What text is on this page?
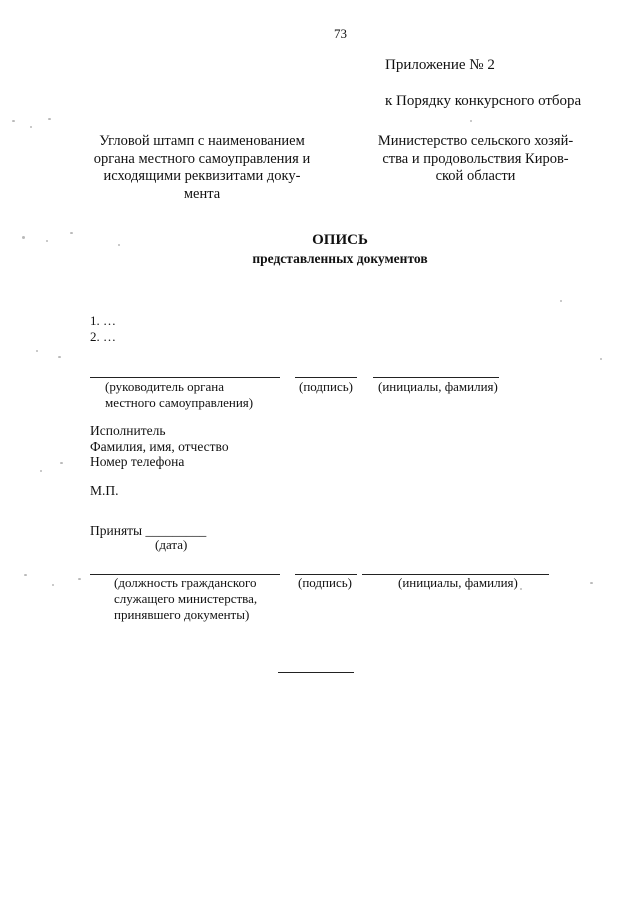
73
Приложение № 2
к Порядку конкурсного отбора
Угловой штамп с наименованием органа местного самоуправления и исходящими реквизитами доку- мента
Министерство сельского хозяй-
ства и продовольствия Киров-
ской области
ОПИСЬ
представленных документов
1. …
2. …
(руководитель органа
местного самоуправления)
(подпись) (инициалы, фамилия)
Исполнитель
Фамилия, имя, отчество
Номер телефона
М.П.
Приняты _________
(дата)
(должность гражданского
служащего министерства,
принявшего документы)
(подпись)	(инициалы, фамилия)
